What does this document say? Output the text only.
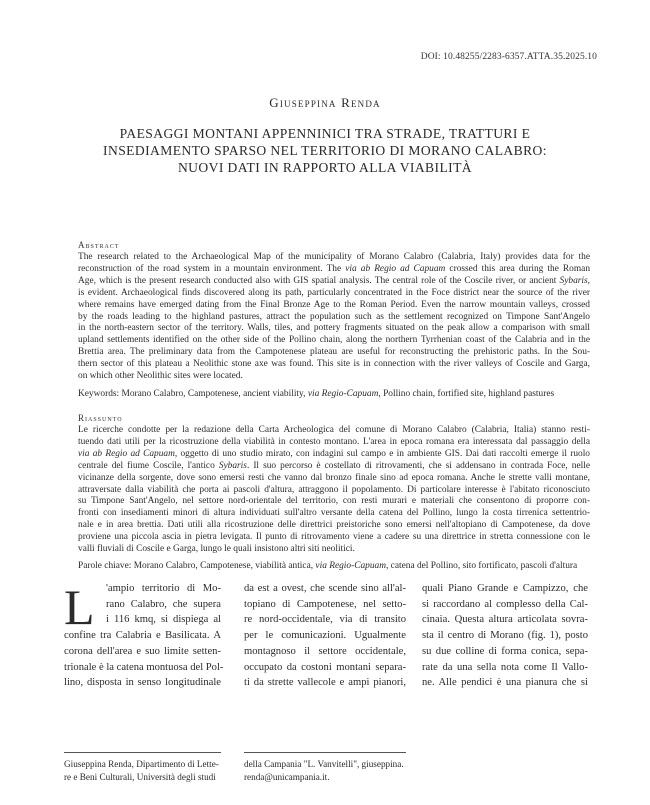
DOI: 10.48255/2283-6357.ATTA.35.2025.10
Giuseppina Renda
PAESAGGI MONTANI APPENNINICI TRA STRADE, TRATTURI E
INSEDIAMENTO SPARSO NEL TERRITORIO DI MORANO CALABRO:
NUOVI DATI IN RAPPORTO ALLA VIABILITÀ
Abstract
The research related to the Archaeological Map of the municipality of Morano Calabro (Calabria, Italy) provides data for the
reconstruction of the road system in a mountain environment. The via ab Regio ad Capuam crossed this area during the Roman
Age, which is the present research conducted also with GIS spatial analysis. The central role of the Coscile river, or ancient Sybaris,
is evident. Archaeological finds discovered along its path, particularly concentrated in the Foce district near the source of the river
where remains have emerged dating from the Final Bronze Age to the Roman Period. Even the narrow mountain valleys, crossed
by the roads leading to the highland pastures, attract the population such as the settlement recognized on Timpone Sant'Angelo
in the north-eastern sector of the territory. Walls, tiles, and pottery fragments situated on the peak allow a comparison with small
upland settlements identified on the other side of the Pollino chain, along the northern Tyrrhenian coast of the Calabria and in the
Brettia area. The preliminary data from the Campotenese plateau are useful for reconstructing the prehistoric paths. In the Sou-
thern sector of this plateau a Neolithic stone axe was found. This site is in connection with the river valleys of Coscile and Garga,
on which other Neolithic sites were located.
Keywords: Morano Calabro, Campotenese, ancient viability, via Regio-Capuam, Pollino chain, fortified site, highland pastures
Riassunto
Le ricerche condotte per la redazione della Carta Archeologica del comune di Morano Calabro (Calabria, Italia) stanno resti-
tuendo dati utili per la ricostruzione della viabilità in contesto montano. L'area in epoca romana era interessata dal passaggio della
via ab Regio ad Capuam, oggetto di uno studio mirato, con indagini sul campo e in ambiente GIS. Dai dati raccolti emerge il ruolo
centrale del fiume Coscile, l'antico Sybaris. Il suo percorso è costellato di ritrovamenti, che si addensano in contrada Foce, nelle
vicinanze della sorgente, dove sono emersi resti che vanno dal bronzo finale sino ad epoca romana. Anche le strette valli montane,
attraversate dalla viabilità che porta ai pascoli d'altura, attraggono il popolamento. Di particolare interesse è l'abitato riconosciuto
su Timpone Sant'Angelo, nel settore nord-orientale del territorio, con resti murari e materiali che consentono di proporre con-
fronti con insediamenti minori di altura individuati sull'altro versante della catena del Pollino, lungo la costa tirrenica settentrio-
nale e in area brettia. Dati utili alla ricostruzione delle direttrici preistoriche sono emersi nell'altopiano di Campotenese, da dove
proviene una piccola ascia in pietra levigata. Il punto di ritrovamento viene a cadere su una direttrice in stretta connessione con le
valli fluviali di Coscile e Garga, lungo le quali insistono altri siti neolitici.
Parole chiave: Morano Calabro, Campotenese, viabilità antica, via Regio-Capuam, catena del Pollino, sito fortificato, pascoli d'altura
L	'ampio territorio di Mo-
rano Calabro, che supera
i 116 kmq, si dispiega al
confine tra Calabria e Basilicata. A
corona dell'area e suo limite setten-
trionale è la catena montuosa del Pol-
lino, disposta in senso longitudinale
da est a ovest, che scende sino all'al-
topiano di Campotenese, nel setto-
re nord-occidentale, via di transito
per le comunicazioni. Ugualmente
montagnoso il settore occidentale,
occupato da costoni montani separa-
ti da strette vallecole e ampi pianori,
quali Piano Grande e Campizzo, che
si raccordano al complesso della Cal-
cinaia. Questa altura articolata sovra-
sta il centro di Morano (fig. 1), posto
su due colline di forma conica, sepa-
rate da una sella nota come Il Vallo-
ne. Alle pendici è una pianura che si
Giuseppina Renda, Dipartimento di Lette-
re e Beni Culturali, Università degli studi
della Campania "L. Vanvitelli", giuseppina.
renda@unicampania.it.
